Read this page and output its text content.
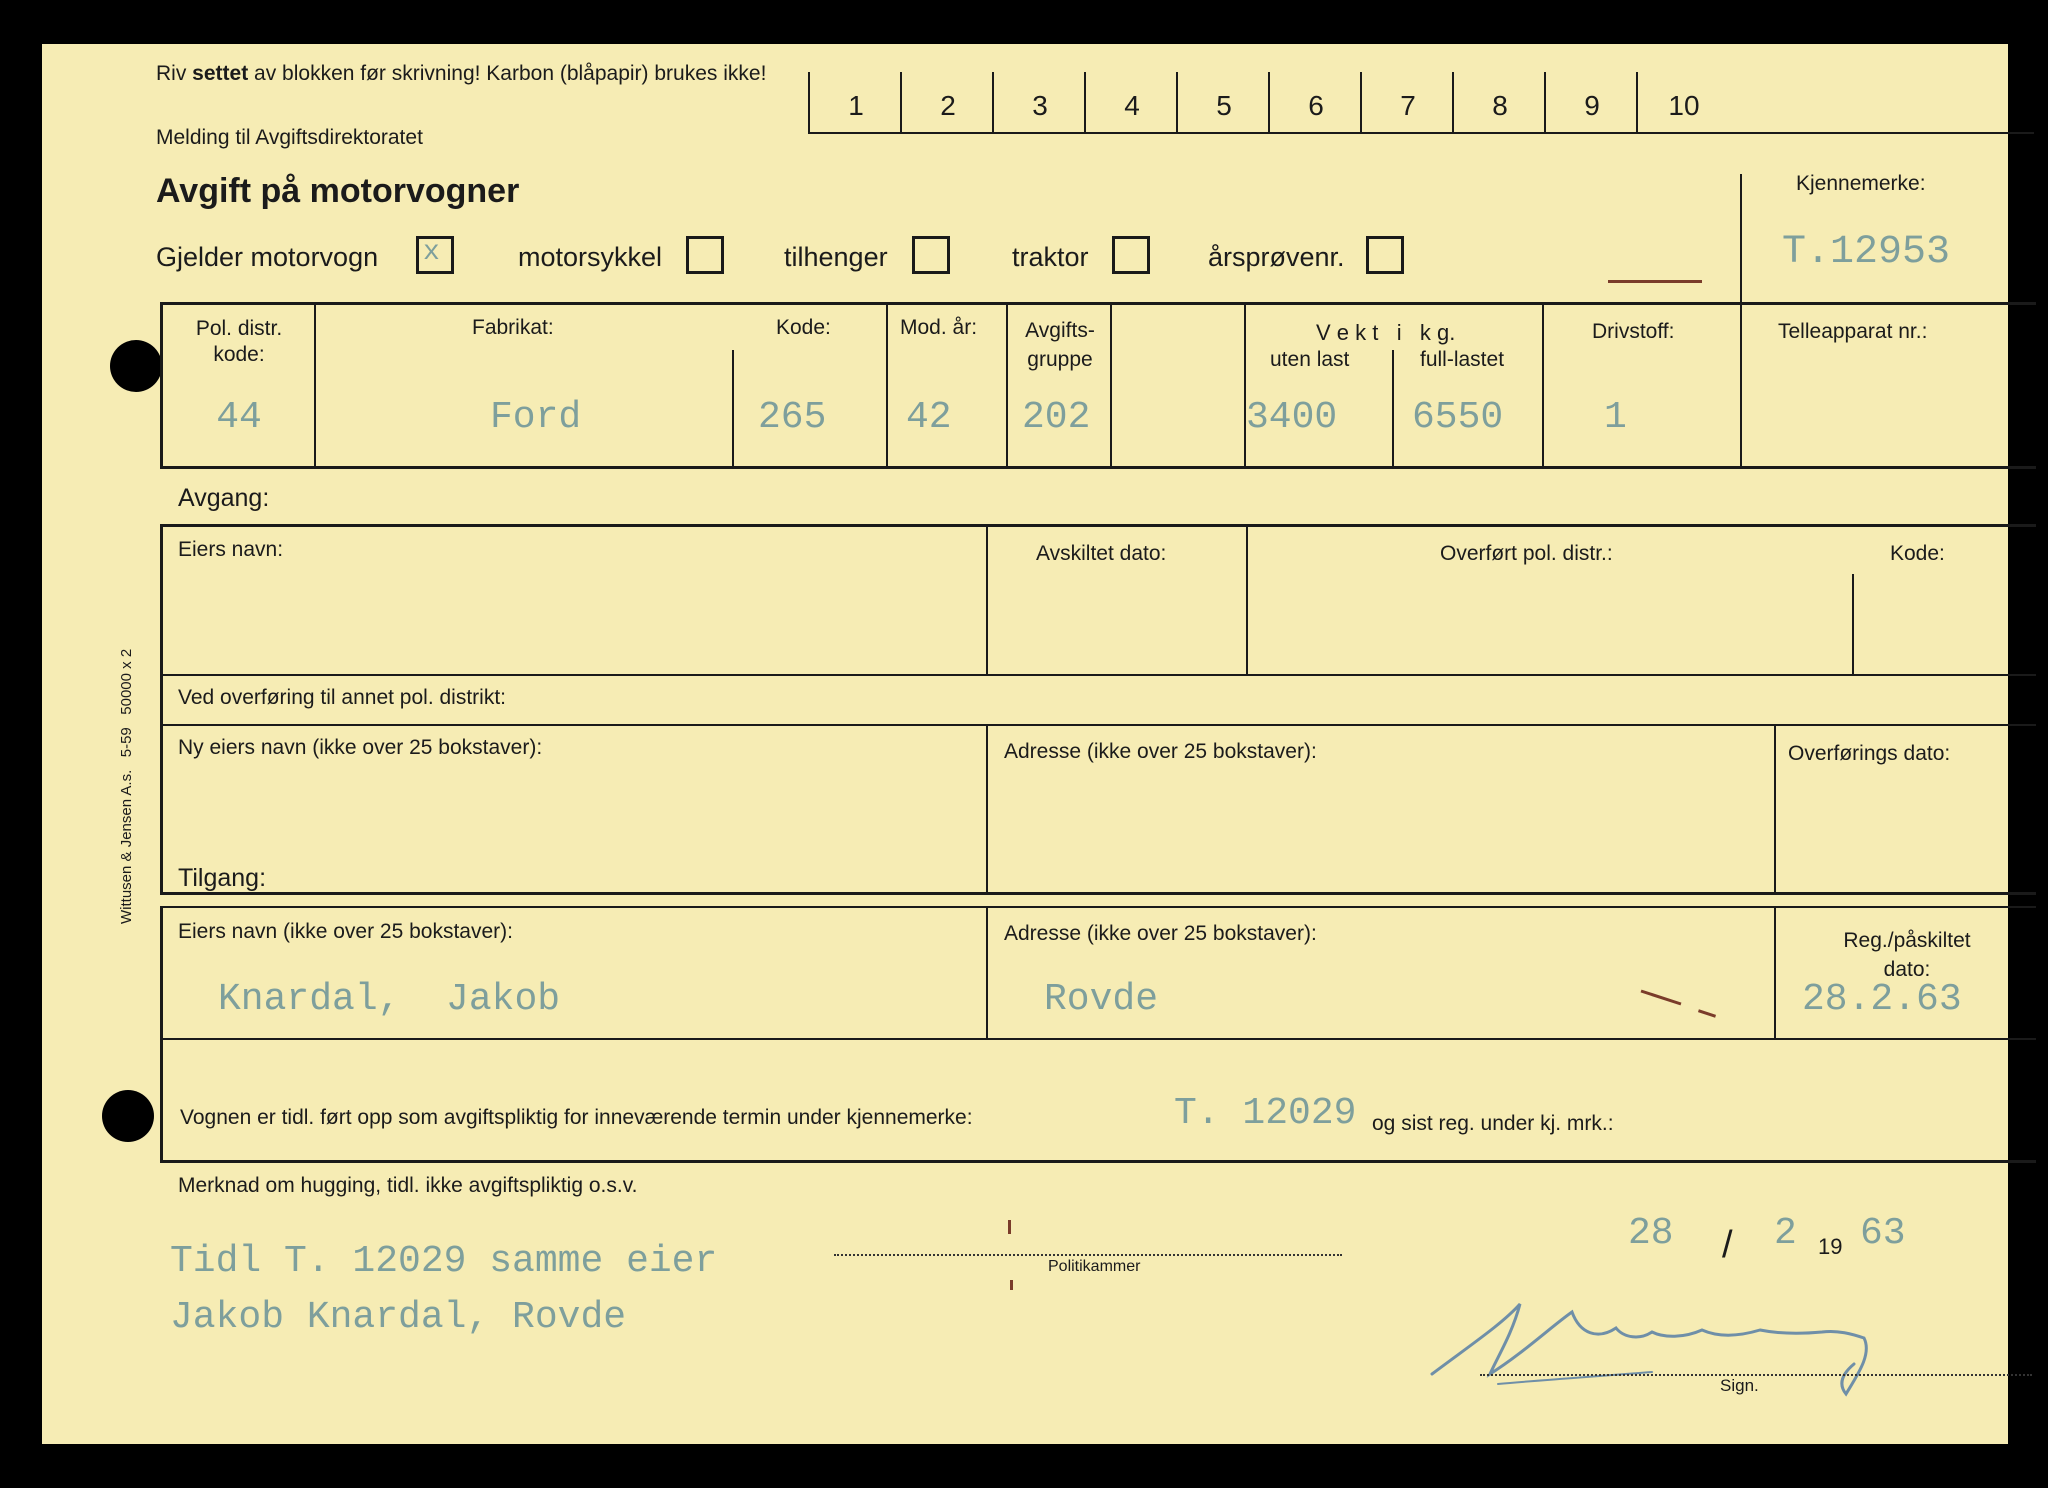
Riv settet av blokken før skrivning! Karbon (blåpapir) brukes ikke!
Melding til Avgiftsdirektoratet
Avgift på motorvogner
1	2	3	4	5	6	7	8	9	10
Kjennemerke:
T.12953
Gjelder motorvogn x	motorsykkel	tilhenger	traktor	årsprøvenr.
Pol. distr.
kode:
44
Fabrikat:
Ford
Kode:
265
Mod. år:
42
Avgifts-
gruppe
202
V e k t   i   k g.
uten last
3400
full-lastet
6550
Drivstoff:
1
Telleapparat nr.:
Avgang:
Eiers navn:	Avskiltet dato:	Overført pol. distr.:	Kode:
Ved overføring til annet pol. distrikt:
Ny eiers navn (ikke over 25 bokstaver):	Adresse (ikke over 25 bokstaver):	Overførings dato:
Tilgang:
Eiers navn (ikke over 25 bokstaver):
Knardal,  Jakob
Adresse (ikke over 25 bokstaver):
Rovde
Reg./påskiltet
dato:
28.2.63
Vognen er tidl. ført opp som avgiftspliktig for inneværende termin under kjennemerke:	T. 12029 og sist reg. under kj. mrk.:
Merknad om hugging, tidl. ikke avgiftspliktig o.s.v.
Tidl T. 12029 samme eier
Jakob Knardal, Rovde
Politikammer
28 / 2 19 63
Sign.
Wittusen & Jensen A.s.   5-59   50000 x 2
